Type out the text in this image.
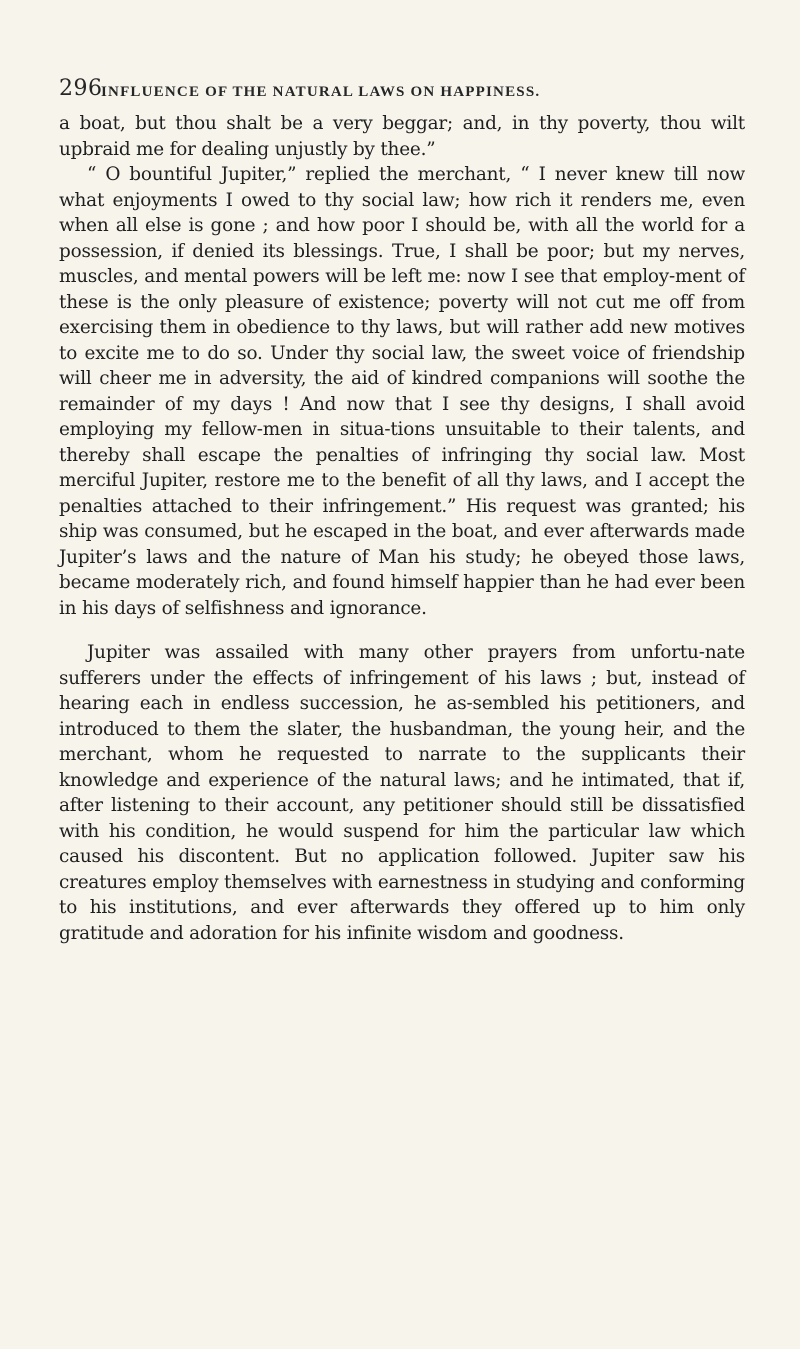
296
INFLUENCE OF THE NATURAL LAWS ON HAPPINESS.

a boat, but thou shalt be a very beggar; and, in thy poverty, thou wilt upbraid me for dealing unjustly by thee.”

“ O bountiful Jupiter,” replied the merchant, “ I never knew till now what enjoyments I owed to thy social law; how rich it renders me, even when all else is gone ; and how poor I should be, with all the world for a possession, if denied its blessings. True, I shall be poor; but my nerves, muscles, and mental powers will be left me: now I see that employ-ment of these is the only pleasure of existence; poverty will not cut me off from exercising them in obedience to thy laws, but will rather add new motives to excite me to do so. Under thy social law, the sweet voice of friendship will cheer me in adversity, the aid of kindred companions will soothe the remainder of my days ! And now that I see thy designs, I shall avoid employing my fellow-men in situa-tions unsuitable to their talents, and thereby shall escape the penalties of infringing thy social law. Most merciful Jupiter, restore me to the benefit of all thy laws, and I accept the penalties attached to their infringement.” His request was granted; his ship was consumed, but he escaped in the boat, and ever afterwards made Jupiter’s laws and the nature of Man his study; he obeyed those laws, became moderately rich, and found himself happier than he had ever been in his days of selfishness and ignorance.

Jupiter was assailed with many other prayers from unfortu-nate sufferers under the effects of infringement of his laws ; but, instead of hearing each in endless succession, he as-sembled his petitioners, and introduced to them the slater, the husbandman, the young heir, and the merchant, whom he requested to narrate to the supplicants their knowledge and experience of the natural laws; and he intimated, that if, after listening to their account, any petitioner should still be dissatisfied with his condition, he would suspend for him the particular law which caused his discontent. But no application followed. Jupiter saw his creatures employ themselves with earnestness in studying and conforming to his institutions, and ever afterwards they offered up to him only gratitude and adoration for his infinite wisdom and goodness.
